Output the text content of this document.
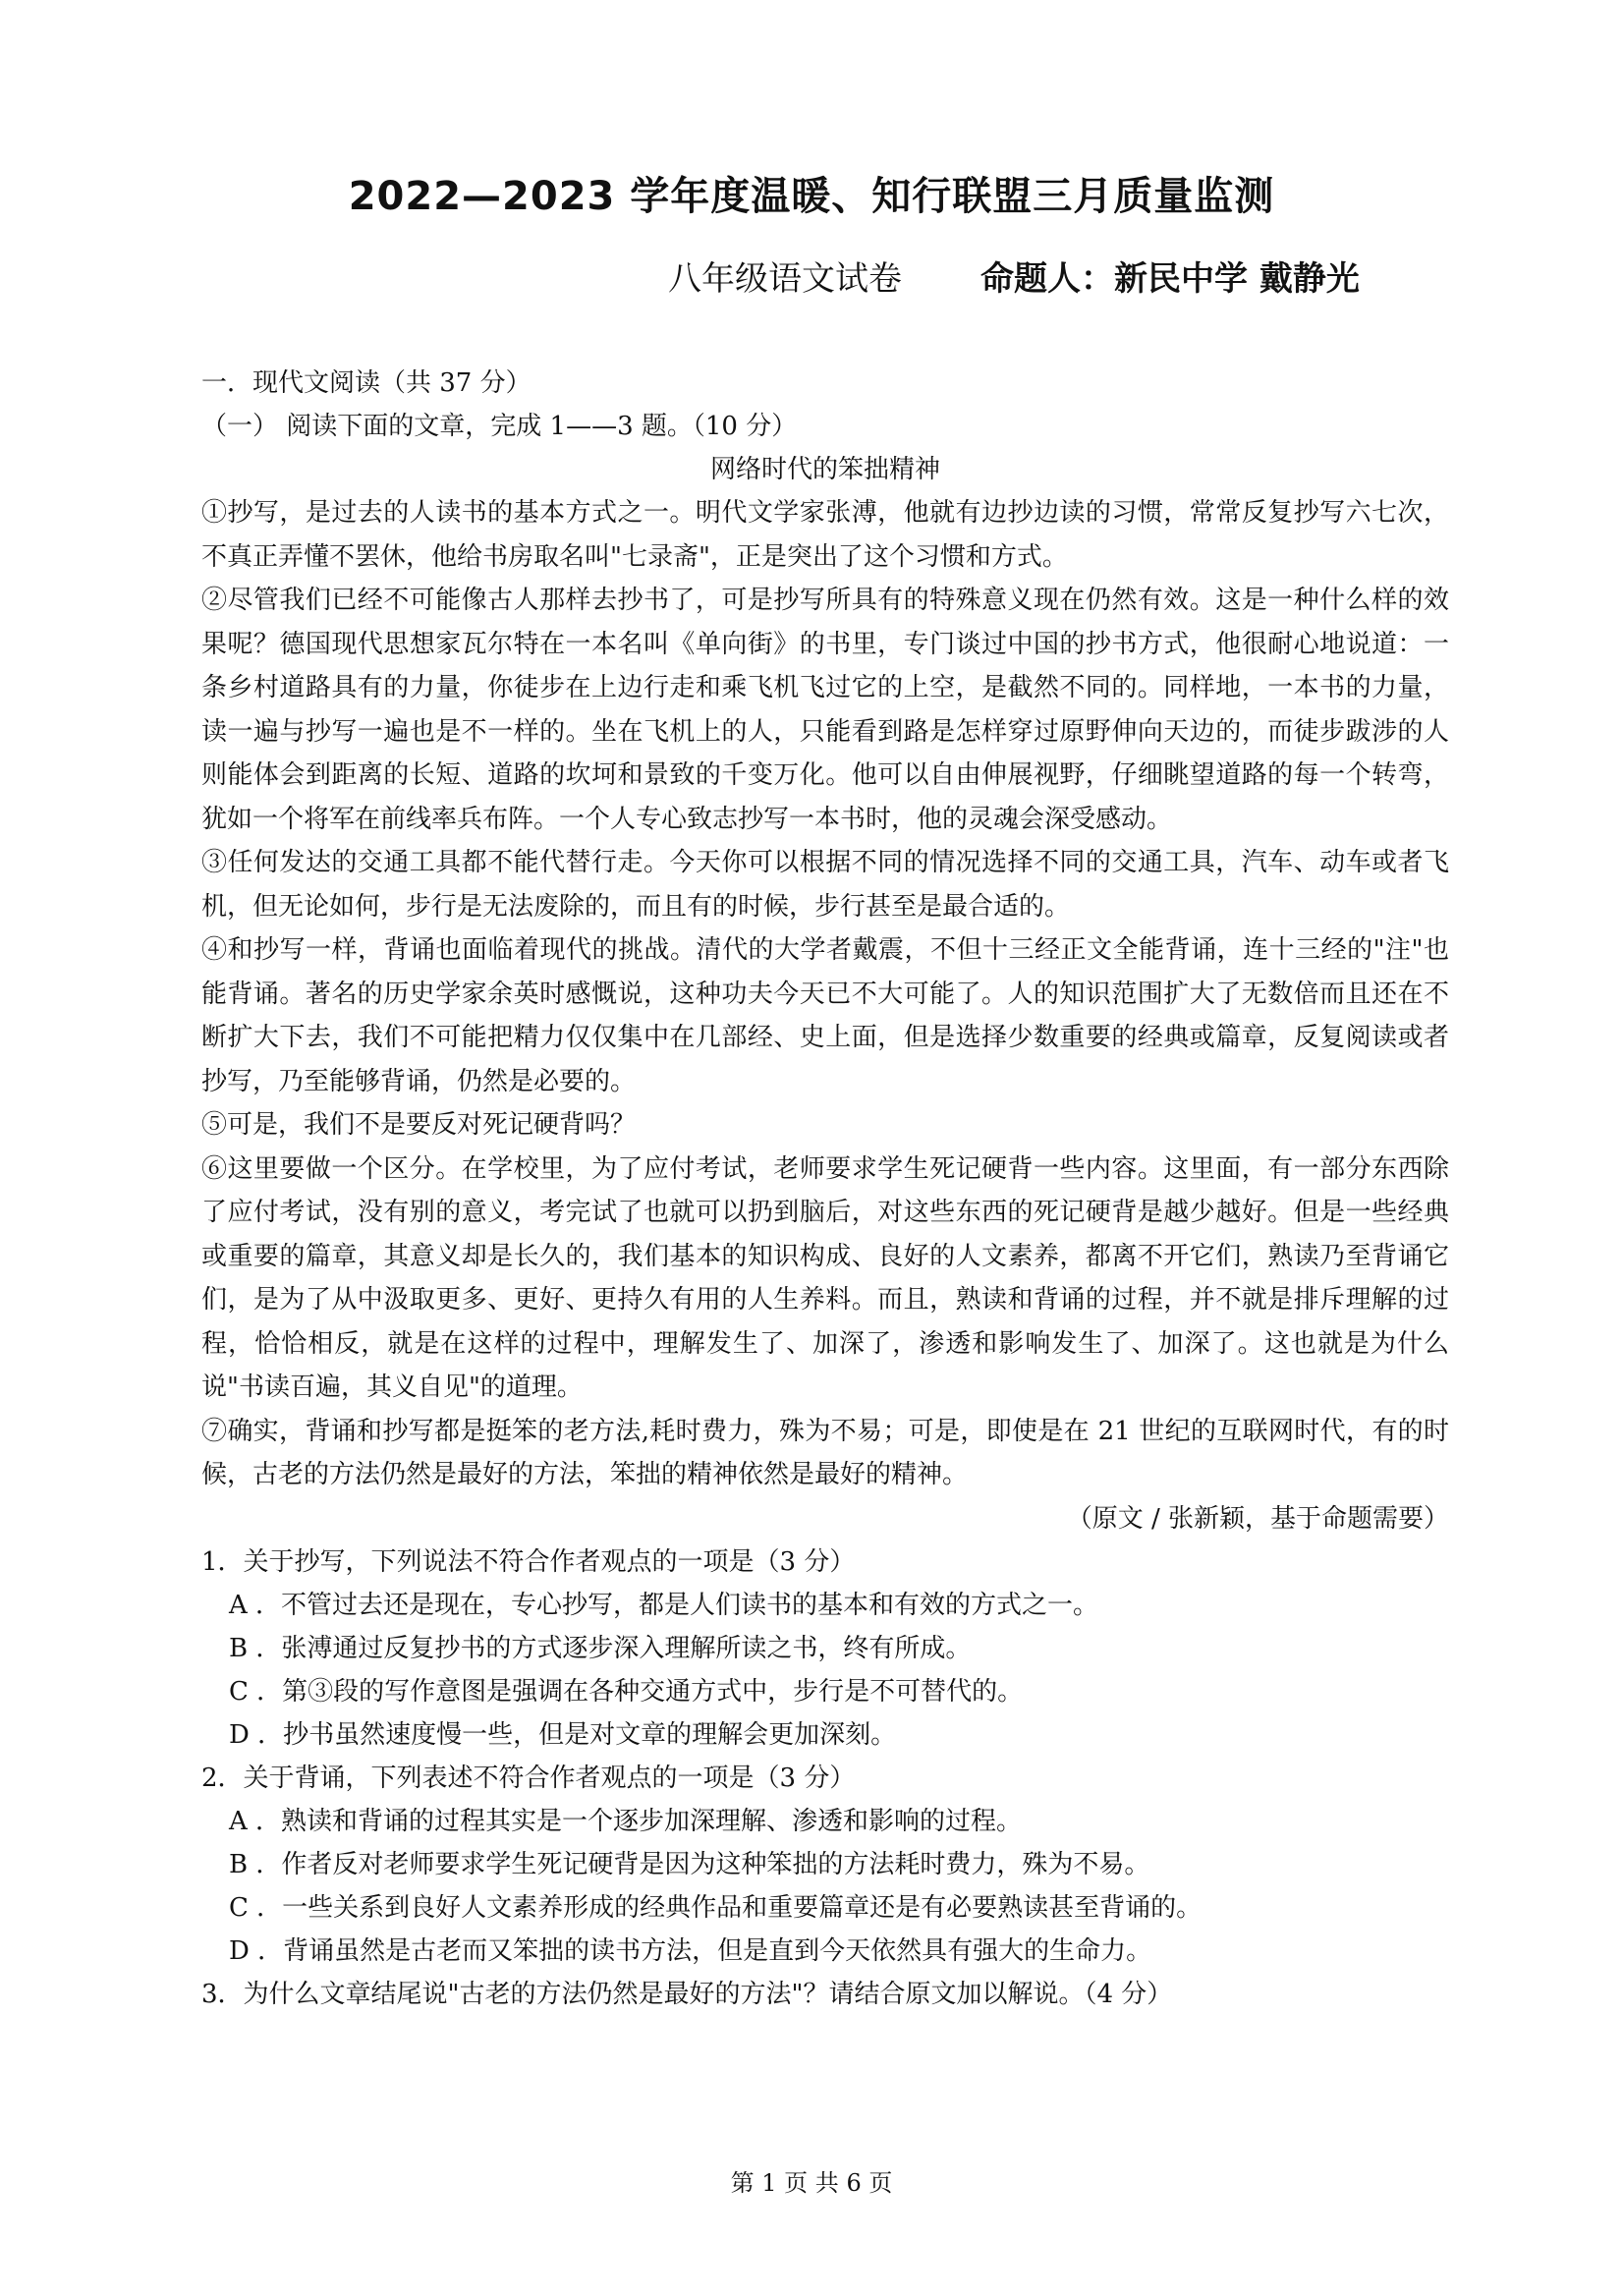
2022—2023 学年度温暖、知行联盟三月质量监测
八年级语文试卷 命题人：新民中学 戴静光
一．现代文阅读（共 37 分）
（一） 阅读下面的文章，完成 1——3 题。（10 分）
网络时代的笨拙精神
①抄写，是过去的人读书的基本方式之一。明代文学家张溥，他就有边抄边读的习惯，常常反复抄写六七次，不真正弄懂不罢休，他给书房取名叫"七录斋"，正是突出了这个习惯和方式。
②尽管我们已经不可能像古人那样去抄书了，可是抄写所具有的特殊意义现在仍然有效。这是一种什么样的效果呢？德国现代思想家瓦尔特在一本名叫《单向街》的书里，专门谈过中国的抄书方式，他很耐心地说道：一条乡村道路具有的力量，你徒步在上边行走和乘飞机飞过它的上空，是截然不同的。同样地，一本书的力量，读一遍与抄写一遍也是不一样的。坐在飞机上的人，只能看到路是怎样穿过原野伸向天边的，而徒步跋涉的人则能体会到距离的长短、道路的坎坷和景致的千变万化。他可以自由伸展视野，仔细眺望道路的每一个转弯，犹如一个将军在前线率兵布阵。一个人专心致志抄写一本书时，他的灵魂会深受感动。
③任何发达的交通工具都不能代替行走。今天你可以根据不同的情况选择不同的交通工具，汽车、动车或者飞机，但无论如何，步行是无法废除的，而且有的时候，步行甚至是最合适的。
④和抄写一样，背诵也面临着现代的挑战。清代的大学者戴震，不但十三经正文全能背诵，连十三经的"注"也能背诵。著名的历史学家余英时感慨说，这种功夫今天已不大可能了。人的知识范围扩大了无数倍而且还在不断扩大下去，我们不可能把精力仅仅集中在几部经、史上面，但是选择少数重要的经典或篇章，反复阅读或者抄写，乃至能够背诵，仍然是必要的。
⑤可是，我们不是要反对死记硬背吗？
⑥这里要做一个区分。在学校里，为了应付考试，老师要求学生死记硬背一些内容。这里面，有一部分东西除了应付考试，没有别的意义，考完试了也就可以扔到脑后，对这些东西的死记硬背是越少越好。但是一些经典或重要的篇章，其意义却是长久的，我们基本的知识构成、良好的人文素养，都离不开它们，熟读乃至背诵它们，是为了从中汲取更多、更好、更持久有用的人生养料。而且，熟读和背诵的过程，并不就是排斥理解的过程，恰恰相反，就是在这样的过程中，理解发生了、加深了，渗透和影响发生了、加深了。这也就是为什么说"书读百遍，其义自见"的道理。
⑦确实，背诵和抄写都是挺笨的老方法,耗时费力，殊为不易；可是，即使是在 21 世纪的互联网时代，有的时候，古老的方法仍然是最好的方法，笨拙的精神依然是最好的精神。
（原文 / 张新颖，基于命题需要）
1．关于抄写，下列说法不符合作者观点的一项是（3 分）
A ．不管过去还是现在，专心抄写，都是人们读书的基本和有效的方式之一。
B ．张溥通过反复抄书的方式逐步深入理解所读之书，终有所成。
C ．第③段的写作意图是强调在各种交通方式中，步行是不可替代的。
D ．抄书虽然速度慢一些，但是对文章的理解会更加深刻。
2．关于背诵，下列表述不符合作者观点的一项是（3 分）
A ．熟读和背诵的过程其实是一个逐步加深理解、渗透和影响的过程。
B ．作者反对老师要求学生死记硬背是因为这种笨拙的方法耗时费力，殊为不易。
C ．一些关系到良好人文素养形成的经典作品和重要篇章还是有必要熟读甚至背诵的。
D ．背诵虽然是古老而又笨拙的读书方法，但是直到今天依然具有强大的生命力。
3．为什么文章结尾说"古老的方法仍然是最好的方法"？请结合原文加以解说。（4 分）
第 1 页 共 6 页
